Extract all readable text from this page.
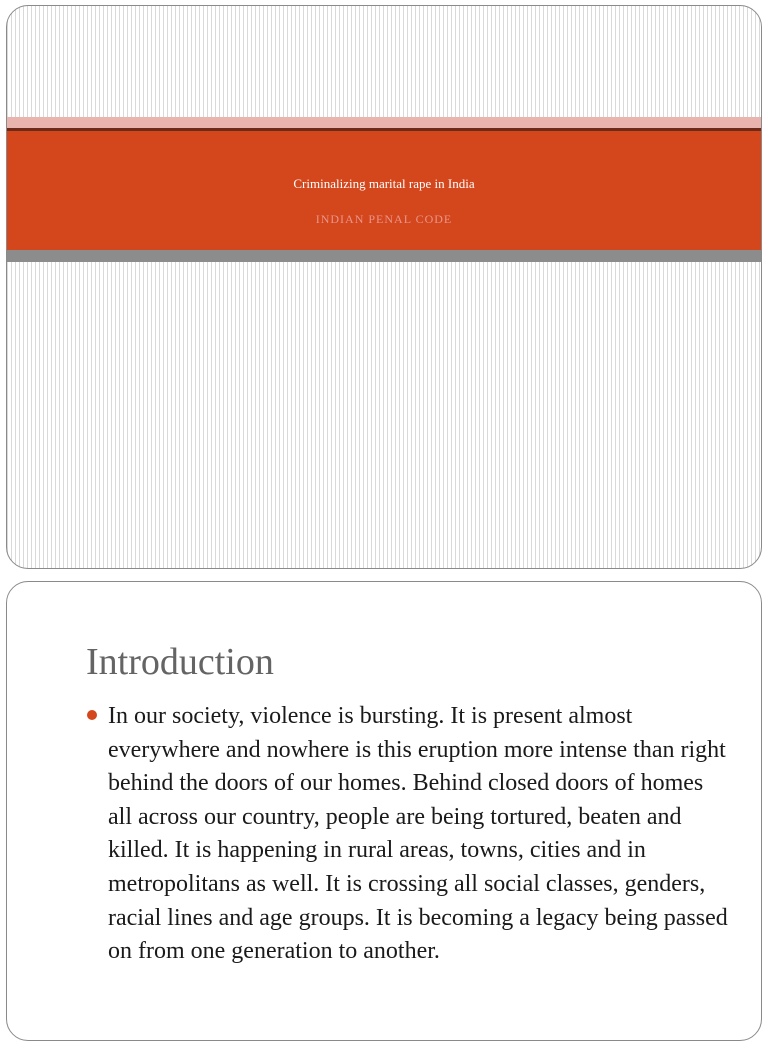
Criminalizing marital rape in India
INDIAN PENAL CODE
Introduction

In our society, violence is bursting. It is present almost everywhere and nowhere is this eruption more intense than right behind the doors of our homes. Behind closed doors of homes all across our country, people are being tortured, beaten and killed. It is happening in rural areas, towns, cities and in metropolitans as well. It is crossing all social classes, genders, racial lines and age groups. It is becoming a legacy being passed on from one generation to another.
